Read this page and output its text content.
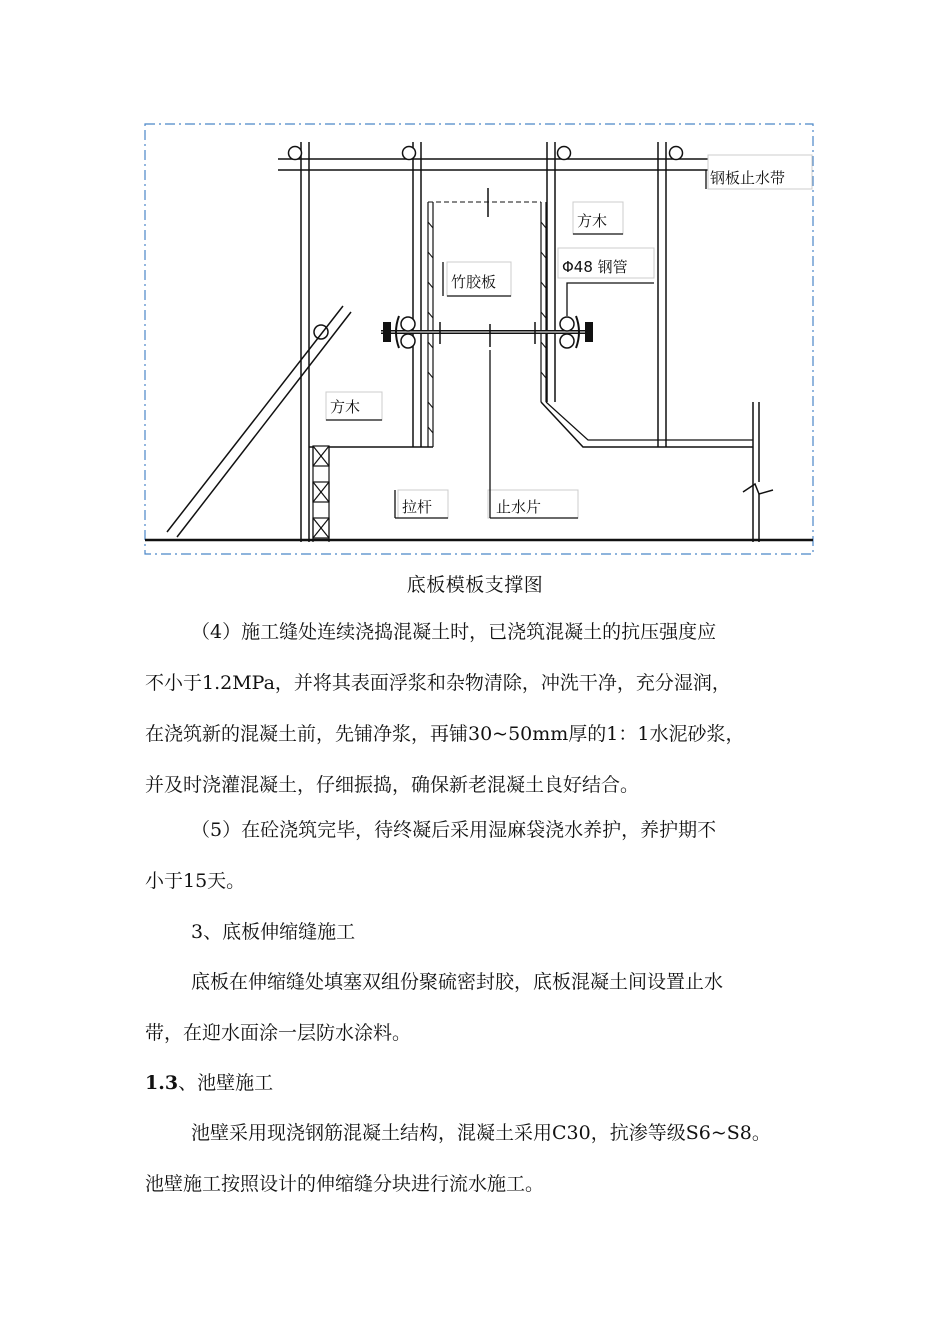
钢板止水带
方木
竹胶板
Φ48 钢管
方木
拉杆	止水片
底板模板支撑图
（4）施工缝处连续浇捣混凝土时，已浇筑混凝土的抗压强度应
不小于1.2MPa，并将其表面浮浆和杂物清除，冲洗干净，充分湿润，
在浇筑新的混凝土前，先铺净浆，再铺30~50mm厚的1：1水泥砂浆，
并及时浇灌混凝土，仔细振捣，确保新老混凝土良好结合。
（5）在砼浇筑完毕，待终凝后采用湿麻袋浇水养护，养护期不
小于15天。
3、底板伸缩缝施工
底板在伸缩缝处填塞双组份聚硫密封胶，底板混凝土间设置止水
带，在迎水面涂一层防水涂料。
1.3、池壁施工
池壁采用现浇钢筋混凝土结构，混凝土采用C30，抗渗等级S6~S8。
池壁施工按照设计的伸缩缝分块进行流水施工。
